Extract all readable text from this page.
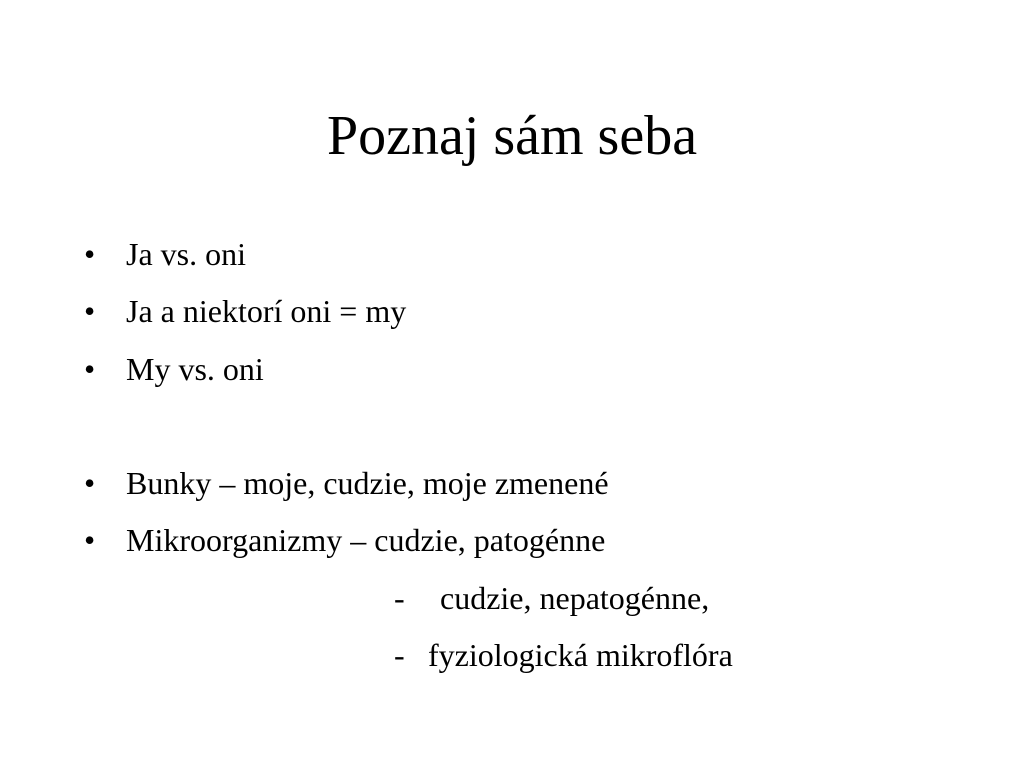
Poznaj sám seba
• Ja vs. oni
• Ja a niektorí oni = my
• My vs. oni
• Bunky – moje, cudzie, moje zmenené
• Mikroorganizmy – cudzie, patogénne
- cudzie, nepatogénne,
- fyziologická mikroflóra
